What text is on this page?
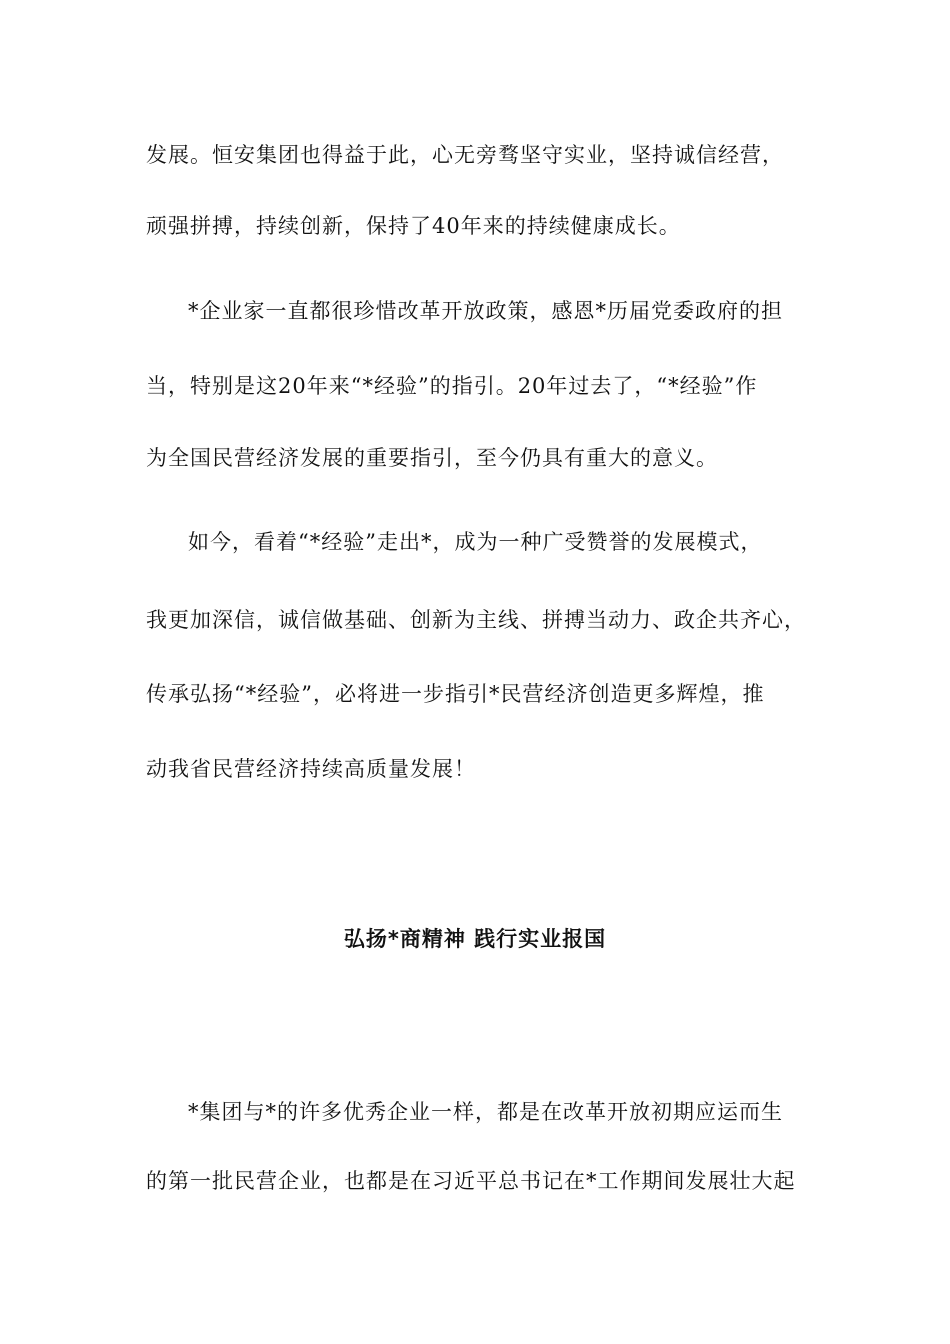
发展。恒安集团也得益于此，心无旁骛坚守实业，坚持诚信经营，
顽强拼搏，持续创新，保持了40年来的持续健康成长。
*企业家一直都很珍惜改革开放政策，感恩*历届党委政府的担
当，特别是这20年来“*经验”的指引。20年过去了，“*经验”作
为全国民营经济发展的重要指引，至今仍具有重大的意义。
如今，看着“*经验”走出*，成为一种广受赞誉的发展模式，
我更加深信，诚信做基础、创新为主线、拼搏当动力、政企共齐心，
传承弘扬“*经验”，必将进一步指引*民营经济创造更多辉煌，推
动我省民营经济持续高质量发展！
弘扬*商精神 践行实业报国
*集团与*的许多优秀企业一样，都是在改革开放初期应运而生
的第一批民营企业，也都是在习近平总书记在*工作期间发展壮大起
